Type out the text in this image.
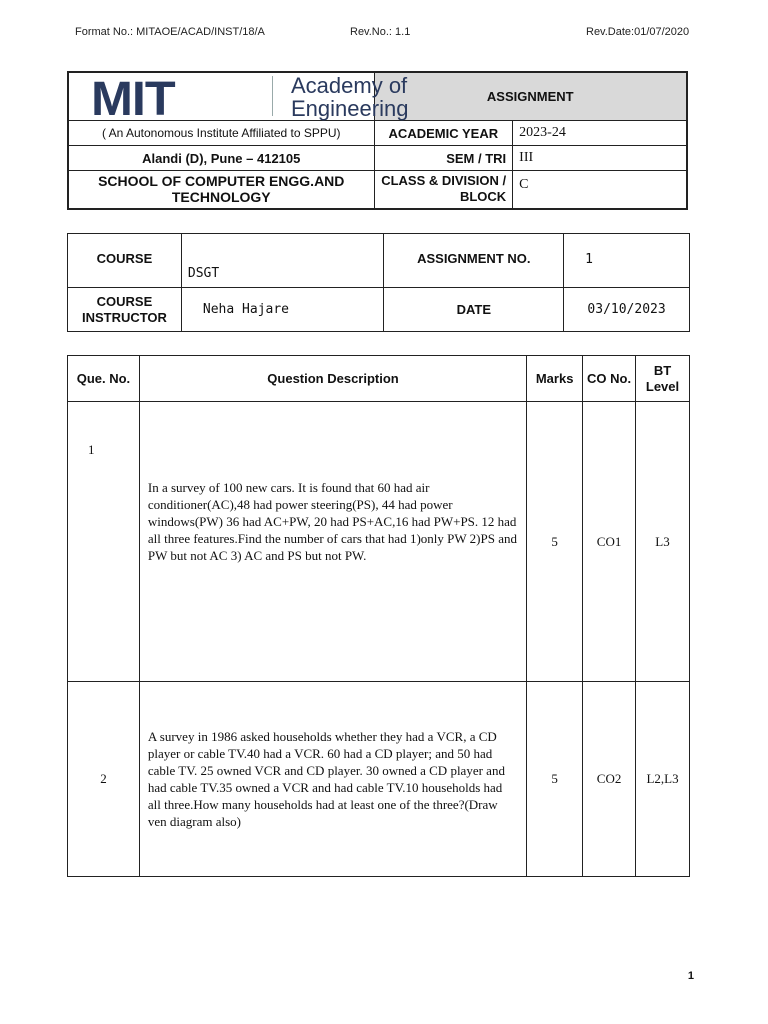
Format No.: MITAOE/ACAD/INST/18/A	Rev.No.: 1.1	Rev.Date:01/07/2020
MIT Academy of
Engineering	ASSIGNMENT	
( An Autonomous Institute Affiliated to SPPU)	ACADEMIC YEAR	2023-24
Alandi (D), Pune – 412105	SEM / TRI	III
SCHOOL OF COMPUTER ENGG.AND TECHNOLOGY	CLASS & DIVISION / BLOCK	C
COURSE	DSGT	ASSIGNMENT NO.	1
COURSE INSTRUCTOR	Neha Hajare	DATE	03/10/2023
Que. No.	Question Description	Marks	CO No.	BT Level
1	In a survey of 100 new cars. It is found that 60 had air conditioner(AC),48 had power steering(PS), 44 had power windows(PW) 36 had AC+PW, 20 had PS+AC,16 had PW+PS. 12 had all three features.Find the number of cars that had 1)only PW 2)PS and PW but not AC 3) AC and PS but not PW.	5	CO1	L3
2	A survey in 1986 asked households whether they had a VCR, a CD player or cable TV.40 had a VCR. 60 had a CD player; and 50 had cable TV. 25 owned VCR and CD player. 30 owned a CD player and had cable TV.35 owned a VCR and had cable TV.10 households had all three.How many households had at least one of the three?(Draw ven diagram also)	5	CO2	L2,L3
1
